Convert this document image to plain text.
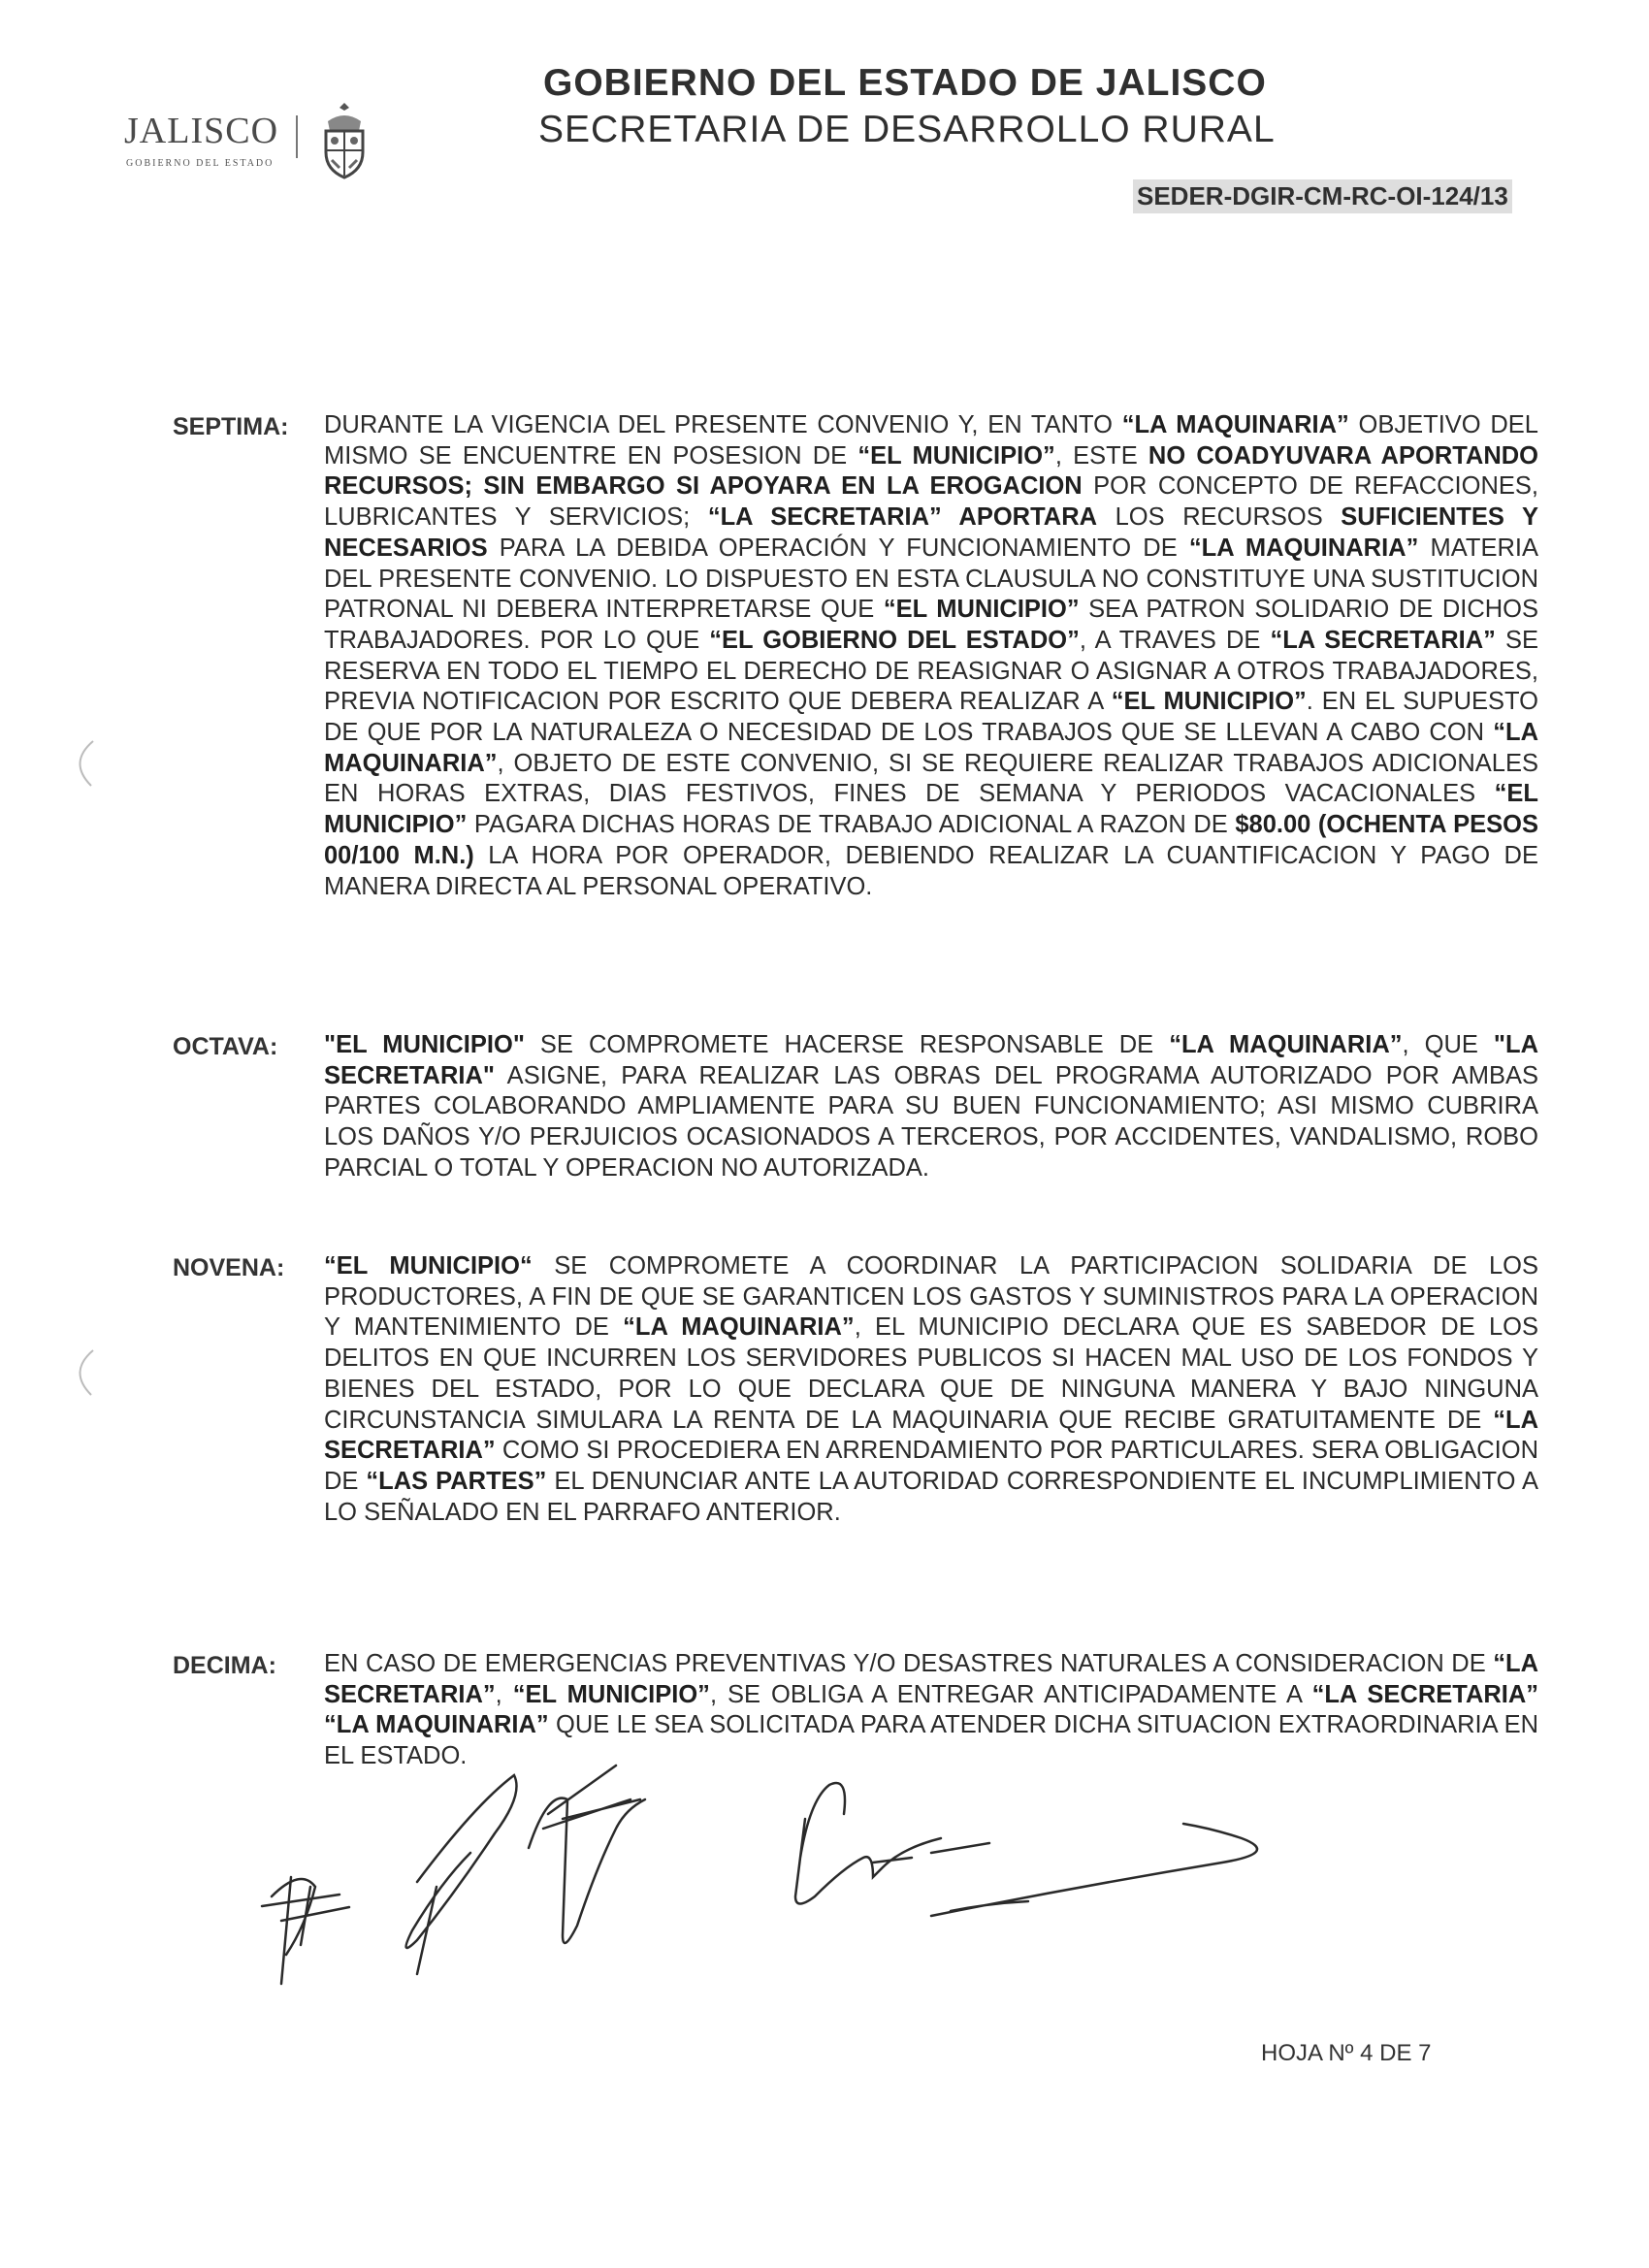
JALISCO
GOBIERNO DEL ESTADO
GOBIERNO DEL ESTADO DE JALISCO
SECRETARIA DE DESARROLLO RURAL
SEDER-DGIR-CM-RC-OI-124/13
SEPTIMA: DURANTE LA VIGENCIA DEL PRESENTE CONVENIO Y, EN TANTO “LA MAQUINARIA” OBJETIVO DEL MISMO SE ENCUENTRE EN POSESION DE “EL MUNICIPIO”, ESTE NO COADYUVARA APORTANDO RECURSOS; SIN EMBARGO SI APOYARA EN LA EROGACION POR CONCEPTO DE REFACCIONES, LUBRICANTES Y SERVICIOS; “LA SECRETARIA” APORTARA LOS RECURSOS SUFICIENTES Y NECESARIOS PARA LA DEBIDA OPERACIÓN Y FUNCIONAMIENTO DE “LA MAQUINARIA” MATERIA DEL PRESENTE CONVENIO. LO DISPUESTO EN ESTA CLAUSULA NO CONSTITUYE UNA SUSTITUCION PATRONAL NI DEBERA INTERPRETARSE QUE “EL MUNICIPIO” SEA PATRON SOLIDARIO DE DICHOS TRABAJADORES. POR LO QUE “EL GOBIERNO DEL ESTADO”, A TRAVES DE “LA SECRETARIA” SE RESERVA EN TODO EL TIEMPO EL DERECHO DE REASIGNAR O ASIGNAR A OTROS TRABAJADORES, PREVIA NOTIFICACION POR ESCRITO QUE DEBERA REALIZAR A “EL MUNICIPIO”. EN EL SUPUESTO DE QUE POR LA NATURALEZA O NECESIDAD DE LOS TRABAJOS QUE SE LLEVAN A CABO CON “LA MAQUINARIA”, OBJETO DE ESTE CONVENIO, SI SE REQUIERE REALIZAR TRABAJOS ADICIONALES EN HORAS EXTRAS, DIAS FESTIVOS, FINES DE SEMANA Y PERIODOS VACACIONALES “EL MUNICIPIO” PAGARA DICHAS HORAS DE TRABAJO ADICIONAL A RAZON DE $80.00 (OCHENTA PESOS 00/100 M.N.) LA HORA POR OPERADOR, DEBIENDO REALIZAR LA CUANTIFICACION Y PAGO DE MANERA DIRECTA AL PERSONAL OPERATIVO.
OCTAVA: "EL MUNICIPIO" SE COMPROMETE HACERSE RESPONSABLE DE “LA MAQUINARIA”, QUE "LA SECRETARIA" ASIGNE, PARA REALIZAR LAS OBRAS DEL PROGRAMA AUTORIZADO POR AMBAS PARTES COLABORANDO AMPLIAMENTE PARA SU BUEN FUNCIONAMIENTO; ASI MISMO CUBRIRA LOS DAÑOS Y/O PERJUICIOS OCASIONADOS A TERCEROS, POR ACCIDENTES, VANDALISMO, ROBO PARCIAL O TOTAL Y OPERACION NO AUTORIZADA.
NOVENA: “EL MUNICIPIO“ SE COMPROMETE A COORDINAR LA PARTICIPACION SOLIDARIA DE LOS PRODUCTORES, A FIN DE QUE SE GARANTICEN LOS GASTOS Y SUMINISTROS PARA LA OPERACION Y MANTENIMIENTO DE “LA MAQUINARIA”, EL MUNICIPIO DECLARA QUE ES SABEDOR DE LOS DELITOS EN QUE INCURREN LOS SERVIDORES PUBLICOS SI HACEN MAL USO DE LOS FONDOS Y BIENES DEL ESTADO, POR LO QUE DECLARA QUE DE NINGUNA MANERA Y BAJO NINGUNA CIRCUNSTANCIA SIMULARA LA RENTA DE LA MAQUINARIA QUE RECIBE GRATUITAMENTE DE “LA SECRETARIA” COMO SI PROCEDIERA EN ARRENDAMIENTO POR PARTICULARES. SERA OBLIGACION DE “LAS PARTES” EL DENUNCIAR ANTE LA AUTORIDAD CORRESPONDIENTE EL INCUMPLIMIENTO A LO SEÑALADO EN EL PARRAFO ANTERIOR.
DECIMA: EN CASO DE EMERGENCIAS PREVENTIVAS Y/O DESASTRES NATURALES A CONSIDERACION DE “LA SECRETARIA”, “EL MUNICIPIO”, SE OBLIGA A ENTREGAR ANTICIPADAMENTE A “LA SECRETARIA” “LA MAQUINARIA” QUE LE SEA SOLICITADA PARA ATENDER DICHA SITUACION EXTRAORDINARIA EN EL ESTADO.
HOJA Nº 4 DE 7
